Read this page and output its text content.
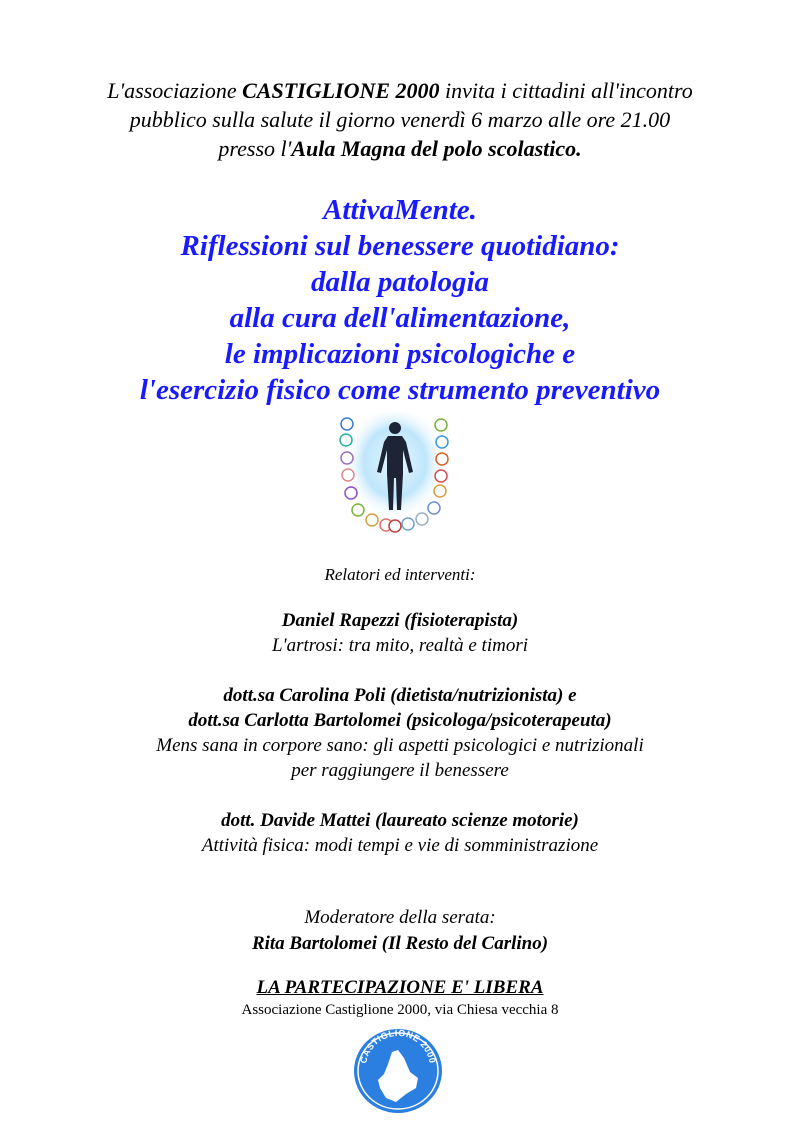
L'associazione CASTIGLIONE 2000 invita i cittadini all'incontro
pubblico sulla salute il giorno venerdì 6 marzo alle ore 21.00
presso l'Aula Magna del polo scolastico.
AttivaMente.
Riflessioni sul benessere quotidiano:
dalla patologia
alla cura dell'alimentazione,
le implicazioni psicologiche e
l'esercizio fisico come strumento preventivo
Relatori ed interventi:
Daniel Rapezzi (fisioterapista)
L'artrosi: tra mito, realtà e timori
dott.sa Carolina Poli (dietista/nutrizionista) e
dott.sa Carlotta Bartolomei (psicologa/psicoterapeuta)
Mens sana in corpore sano: gli aspetti psicologici e nutrizionali
per raggiungere il benessere
dott. Davide Mattei (laureato scienze motorie)
Attività fisica: modi tempi e vie di somministrazione
Moderatore della serata:
Rita Bartolomei (Il Resto del Carlino)
LA PARTECIPAZIONE E' LIBERA
Associazione Castiglione 2000, via Chiesa vecchia 8
CASTIGLIONE 2000
